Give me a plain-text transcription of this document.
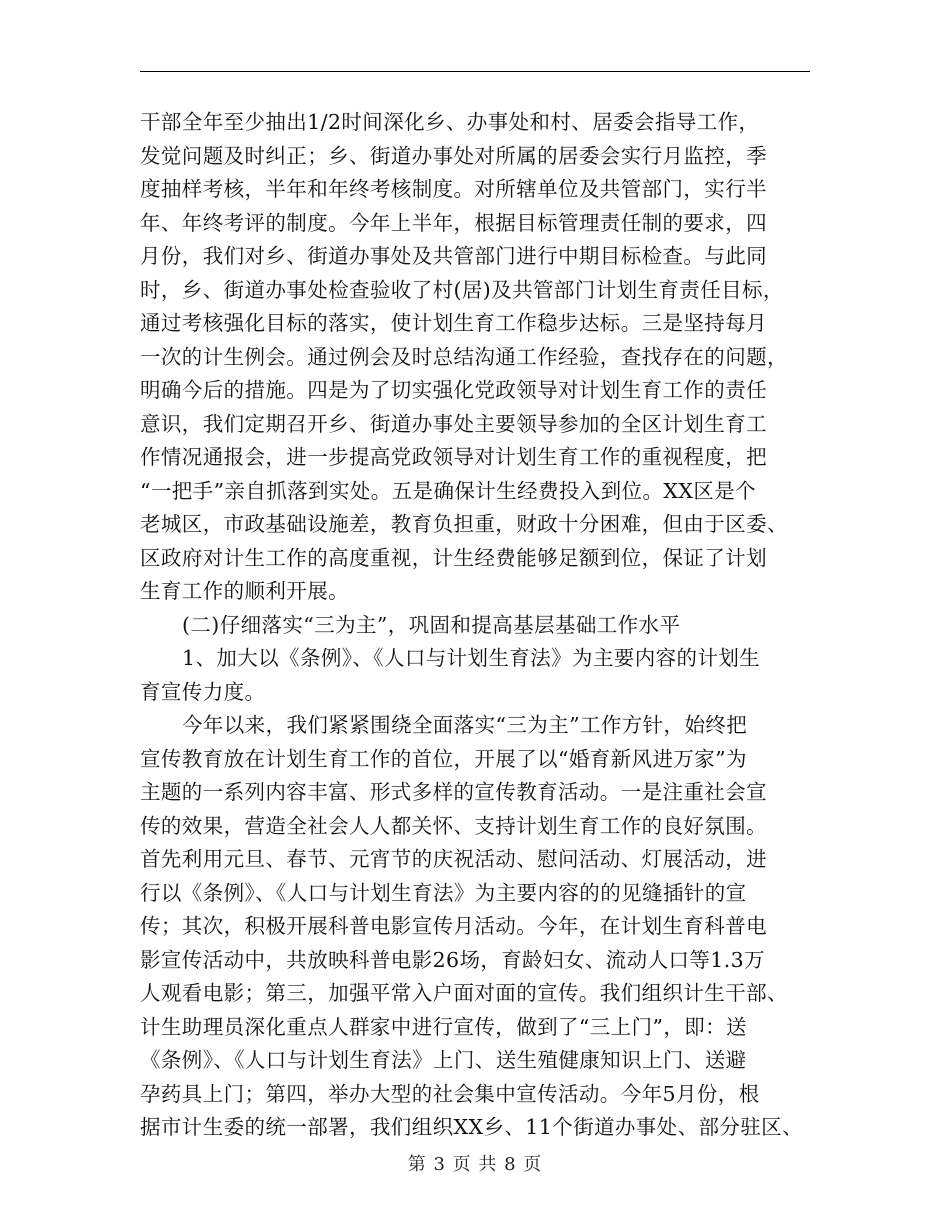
干部全年至少抽出1/2时间深化乡、办事处和村、居委会指导工作，
发觉问题及时纠正；乡、街道办事处对所属的居委会实行月监控，季
度抽样考核，半年和年终考核制度。对所辖单位及共管部门，实行半
年、年终考评的制度。今年上半年，根据目标管理责任制的要求，四
月份，我们对乡、街道办事处及共管部门进行中期目标检查。与此同
时，乡、街道办事处检查验收了村(居)及共管部门计划生育责任目标，
通过考核强化目标的落实，使计划生育工作稳步达标。三是坚持每月
一次的计生例会。通过例会及时总结沟通工作经验，查找存在的问题，
明确今后的措施。四是为了切实强化党政领导对计划生育工作的责任
意识，我们定期召开乡、街道办事处主要领导参加的全区计划生育工
作情况通报会，进一步提高党政领导对计划生育工作的重视程度，把
“一把手”亲自抓落到实处。五是确保计生经费投入到位。XX区是个
老城区，市政基础设施差，教育负担重，财政十分困难，但由于区委、
区政府对计生工作的高度重视，计生经费能够足额到位，保证了计划
生育工作的顺利开展。
(二)仔细落实“三为主”，巩固和提高基层基础工作水平
1、加大以《条例》、《人口与计划生育法》为主要内容的计划生
育宣传力度。
今年以来，我们紧紧围绕全面落实“三为主”工作方针，始终把
宣传教育放在计划生育工作的首位，开展了以“婚育新风进万家”为
主题的一系列内容丰富、形式多样的宣传教育活动。一是注重社会宣
传的效果，营造全社会人人都关怀、支持计划生育工作的良好氛围。
首先利用元旦、春节、元宵节的庆祝活动、慰问活动、灯展活动，进
行以《条例》、《人口与计划生育法》为主要内容的的见缝插针的宣
传；其次，积极开展科普电影宣传月活动。今年，在计划生育科普电
影宣传活动中，共放映科普电影26场，育龄妇女、流动人口等1.3万
人观看电影；第三，加强平常入户面对面的宣传。我们组织计生干部、
计生助理员深化重点人群家中进行宣传，做到了“三上门”，即：送
《条例》、《人口与计划生育法》上门、送生殖健康知识上门、送避
孕药具上门；第四，举办大型的社会集中宣传活动。今年5月份，根
据市计生委的统一部署，我们组织XX乡、11个街道办事处、部分驻区、
第 3 页 共 8 页
